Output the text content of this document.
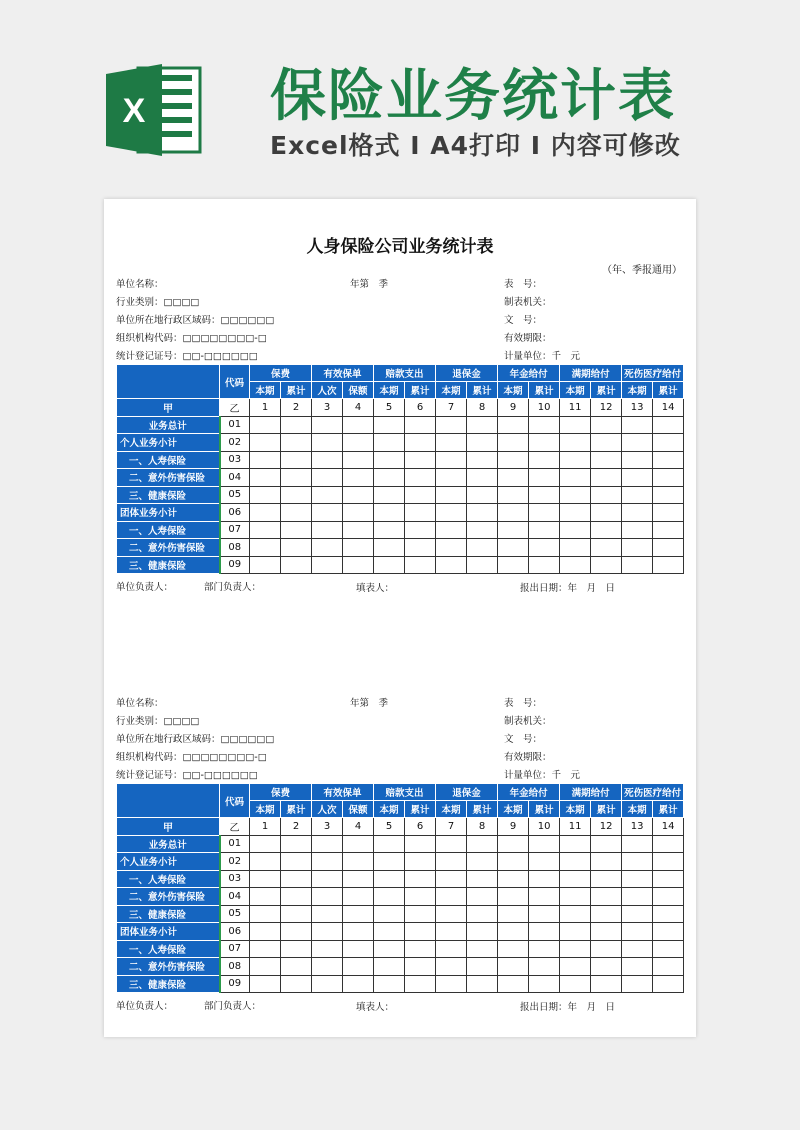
X 保险业务统计表
Excel格式 I A4打印 I 内容可修改
人身保险公司业务统计表
（年、季报通用）
单位名称：
行业类别：□□□□
单位所在地行政区域码：□□□□□□
组织机构代码：□□□□□□□□-□
统计登记证号：□□-□□□□□□
年第　季	表　号：
制表机关：
文　号：
有效期限：
计量单位：千　元
	代码	保费		有效保单		赔款支出		退保金		年金给付		满期给付		死伤医疗给付	
		本期	累计	人次	保额	本期	累计	本期	累计	本期	累计	本期	累计	本期	累计
甲	乙	1	2	3	4	5	6	7	8	9	10	11	12	13	14
业务总计	01														
个人业务小计	02														
一、人寿保险	03														
二、意外伤害保险	04														
三、健康保险	05														
团体业务小计	06														
一、人寿保险	07														
二、意外伤害保险	08														
三、健康保险	09														
单位负责人：	部门负责人：	填表人：	报出日期：年　月　日
单位名称：
行业类别：□□□□
单位所在地行政区域码：□□□□□□
组织机构代码：□□□□□□□□-□
统计登记证号：□□-□□□□□□
年第　季	表　号：
制表机关：
文　号：
有效期限：
计量单位：千　元
	代码	保费		有效保单		赔款支出		退保金		年金给付		满期给付		死伤医疗给付	
		本期	累计	人次	保额	本期	累计	本期	累计	本期	累计	本期	累计	本期	累计
甲	乙	1	2	3	4	5	6	7	8	9	10	11	12	13	14
业务总计	01														
个人业务小计	02														
一、人寿保险	03														
二、意外伤害保险	04														
三、健康保险	05														
团体业务小计	06														
一、人寿保险	07														
二、意外伤害保险	08														
三、健康保险	09														
单位负责人：	部门负责人：	填表人：	报出日期：年　月　日
